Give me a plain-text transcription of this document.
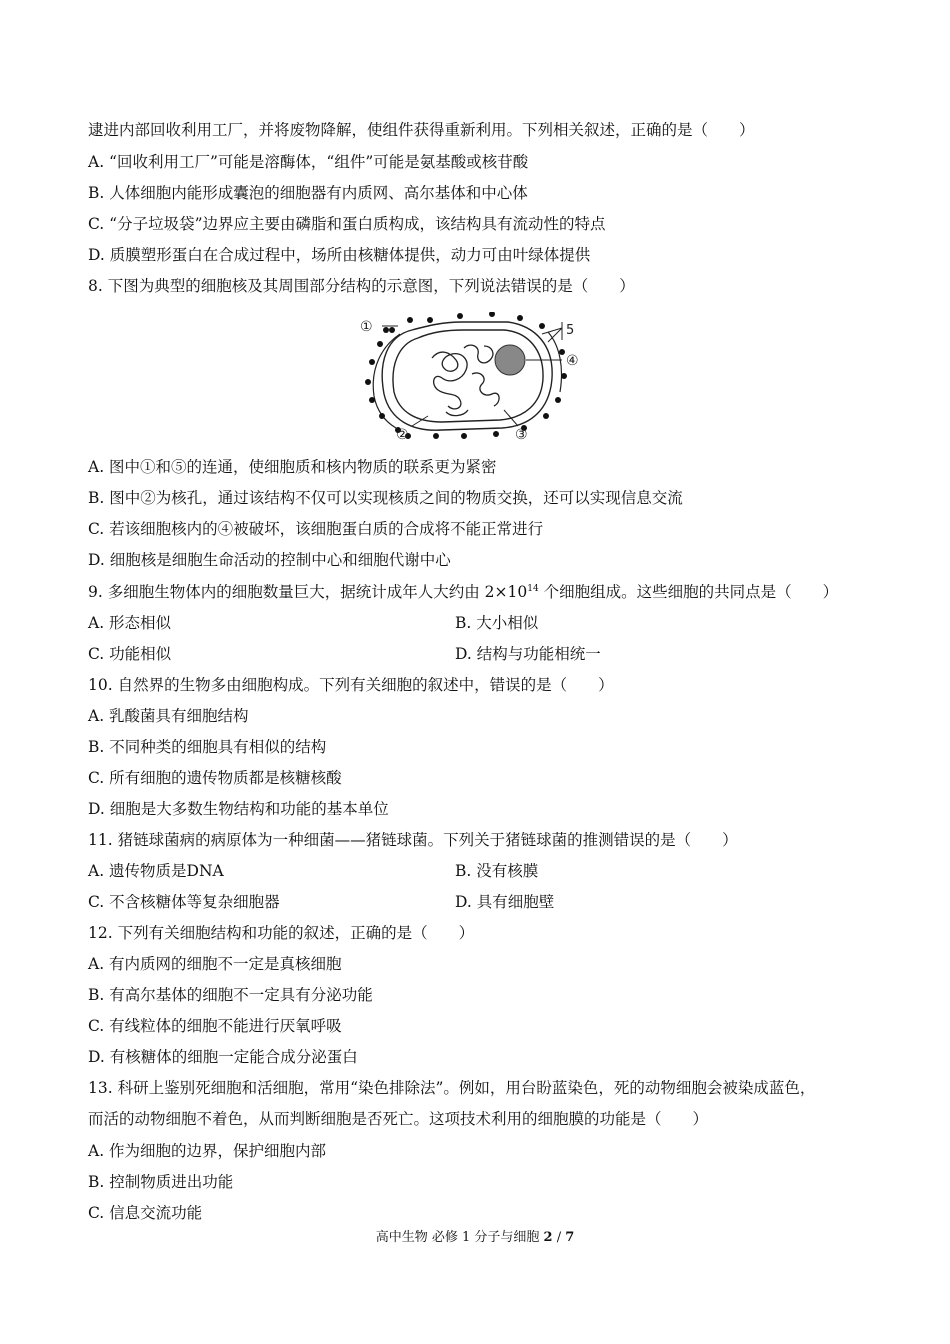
逮进内部回收利用工厂，并将废物降解，使组件获得重新利用。下列相关叙述，正确的是（　　）
A. “回收利用工厂”可能是溶酶体，“组件”可能是氨基酸或核苷酸
B. 人体细胞内能形成囊泡的细胞器有内质网、高尔基体和中心体
C. “分子垃圾袋”边界应主要由磷脂和蛋白质构成，该结构具有流动性的特点
D. 质膜塑形蛋白在合成过程中，场所由核糖体提供，动力可由叶绿体提供
8. 下图为典型的细胞核及其周围部分结构的示意图，下列说法错误的是（　　）
①
②	③
④
5
A. 图中①和⑤的连通，使细胞质和核内物质的联系更为紧密
B. 图中②为核孔，通过该结构不仅可以实现核质之间的物质交换，还可以实现信息交流
C. 若该细胞核内的④被破坏，该细胞蛋白质的合成将不能正常进行
D. 细胞核是细胞生命活动的控制中心和细胞代谢中心
9. 多细胞生物体内的细胞数量巨大，据统计成年人大约由 $2\times 10^{14}$ 个细胞组成。这些细胞的共同点是（　　）
A. 形态相似	B. 大小相似
C. 功能相似	D. 结构与功能相统一
10. 自然界的生物多由细胞构成。下列有关细胞的叙述中，错误的是（　　）
A. 乳酸菌具有细胞结构
B. 不同种类的细胞具有相似的结构
C. 所有细胞的遗传物质都是核糖核酸
D. 细胞是大多数生物结构和功能的基本单位
11. 猪链球菌病的病原体为一种细菌——猪链球菌。下列关于猪链球菌的推测错误的是（　　）
A. 遗传物质是DNA	B. 没有核膜
C. 不含核糖体等复杂细胞器	D. 具有细胞壁
12. 下列有关细胞结构和功能的叙述，正确的是（　　）
A. 有内质网的细胞不一定是真核细胞
B. 有高尔基体的细胞不一定具有分泌功能
C. 有线粒体的细胞不能进行厌氧呼吸
D. 有核糖体的细胞一定能合成分泌蛋白
13. 科研上鉴别死细胞和活细胞，常用“染色排除法”。例如，用台盼蓝染色，死的动物细胞会被染成蓝色，
而活的动物细胞不着色，从而判断细胞是否死亡。这项技术利用的细胞膜的功能是（　　）
A. 作为细胞的边界，保护细胞内部
B. 控制物质进出功能
C. 信息交流功能
高中生物 必修 1 分子与细胞 2 / 7
